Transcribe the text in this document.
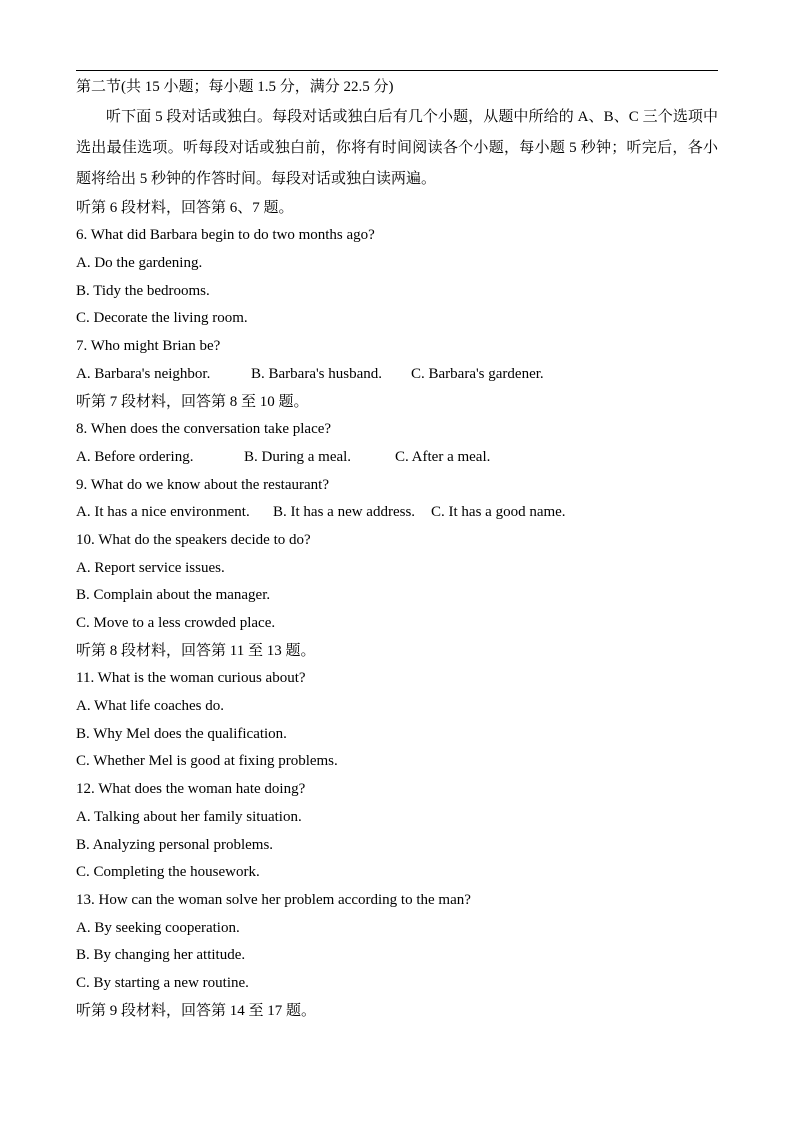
第二节(共 15 小题；每小题 1.5 分，满分 22.5 分)
听下面 5 段对话或独白。每段对话或独白后有几个小题，从题中所给的 A、B、C 三个选项中选出最佳选项。听每段对话或独白前，你将有时间阅读各个小题，每小题 5 秒钟；听完后，各小题将给出 5 秒钟的作答时间。每段对话或独白读两遍。
听第 6 段材料，回答第 6、7 题。
6. What did Barbara begin to do two months ago?
A. Do the gardening.
B. Tidy the bedrooms.
C. Decorate the living room.
7. Who might Brian be?
A. Barbara's neighbor.	B. Barbara's husband.	C. Barbara's gardener.
听第 7 段材料，回答第 8 至 10 题。
8. When does the conversation take place?
A. Before ordering.	B. During a meal.	C. After a meal.
9. What do we know about the restaurant?
A. It has a nice environment.	B. It has a new address.	C. It has a good name.
10. What do the speakers decide to do?
A. Report service issues.
B. Complain about the manager.
C. Move to a less crowded place.
听第 8 段材料，回答第 11 至 13 题。
11. What is the woman curious about?
A. What life coaches do.
B. Why Mel does the qualification.
C. Whether Mel is good at fixing problems.
12. What does the woman hate doing?
A. Talking about her family situation.
B. Analyzing personal problems.
C. Completing the housework.
13. How can the woman solve her problem according to the man?
A. By seeking cooperation.
B. By changing her attitude.
C. By starting a new routine.
听第 9 段材料，回答第 14 至 17 题。
